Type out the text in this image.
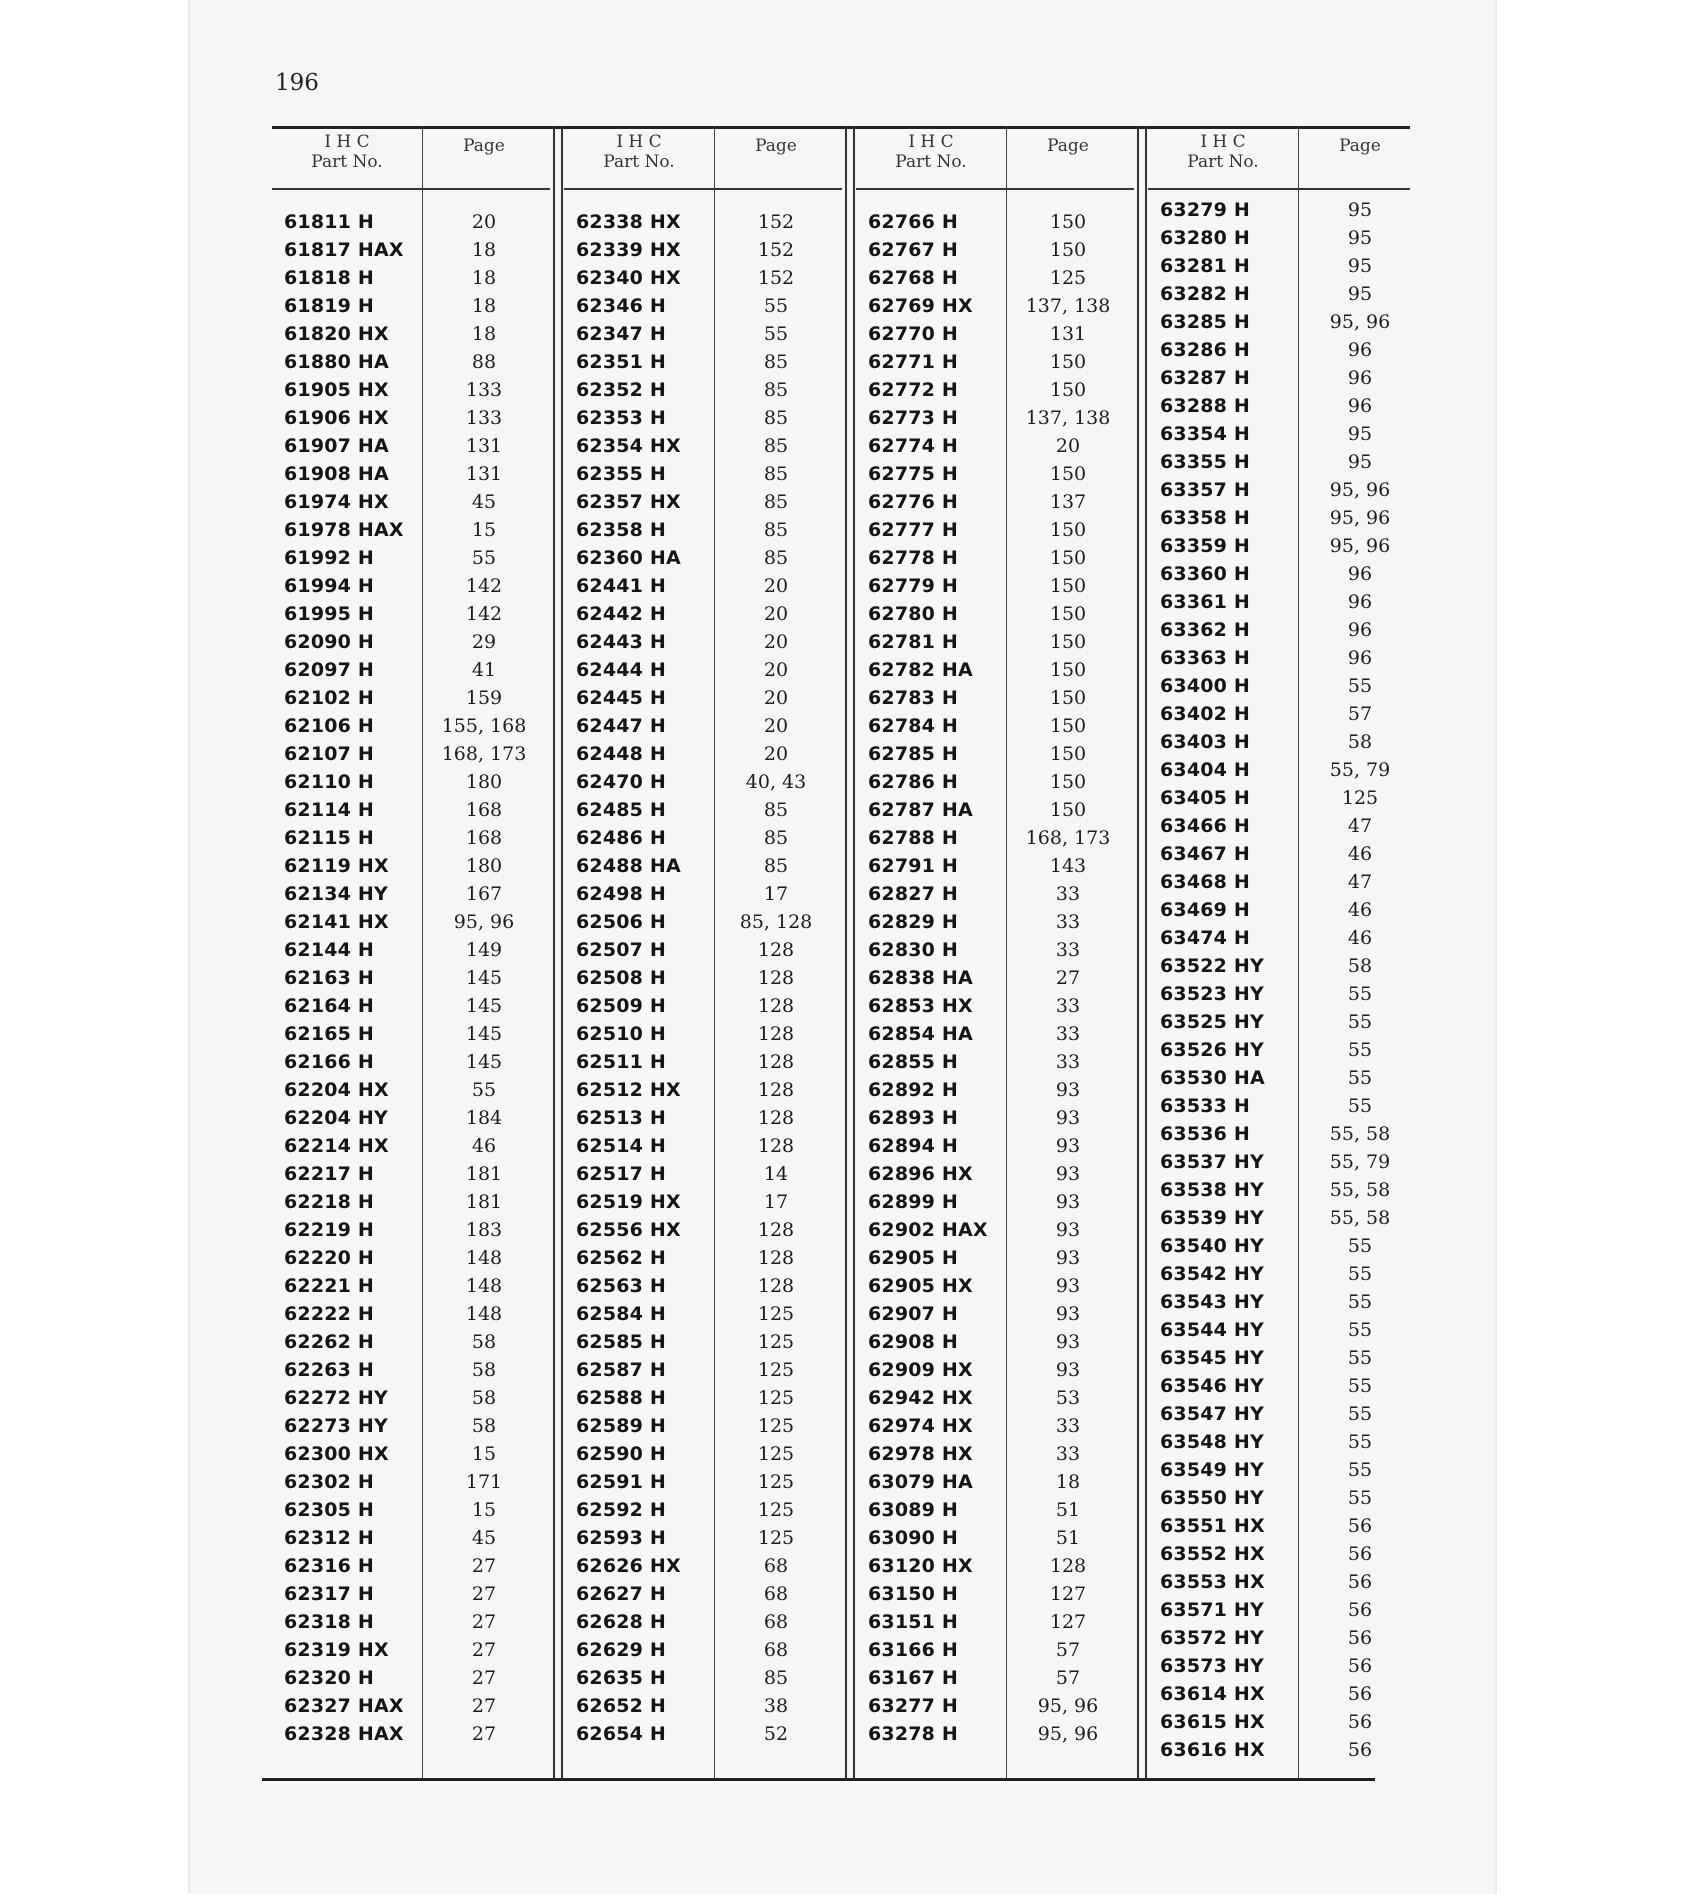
196
I H C
Part No.
Page
61811 H	20
61817 HAX	18
61818 H	18
61819 H	18
61820 HX	18
61880 HA	88
61905 HX	133
61906 HX	133
61907 HA	131
61908 HA	131
61974 HX	45
61978 HAX	15
61992 H	55
61994 H	142
61995 H	142
62090 H	29
62097 H	41
62102 H	159
62106 H	155, 168
62107 H	168, 173
62110 H	180
62114 H	168
62115 H	168
62119 HX	180
62134 HY	167
62141 HX	95, 96
62144 H	149
62163 H	145
62164 H	145
62165 H	145
62166 H	145
62204 HX	55
62204 HY	184
62214 HX	46
62217 H	181
62218 H	181
62219 H	183
62220 H	148
62221 H	148
62222 H	148
62262 H	58
62263 H	58
62272 HY	58
62273 HY	58
62300 HX	15
62302 H	171
62305 H	15
62312 H	45
62316 H	27
62317 H	27
62318 H	27
62319 HX	27
62320 H	27
62327 HAX	27
62328 HAX	27
I H C
Part No.
Page
62338 HX	152
62339 HX	152
62340 HX	152
62346 H	55
62347 H	55
62351 H	85
62352 H	85
62353 H	85
62354 HX	85
62355 H	85
62357 HX	85
62358 H	85
62360 HA	85
62441 H	20
62442 H	20
62443 H	20
62444 H	20
62445 H	20
62447 H	20
62448 H	20
62470 H	40, 43
62485 H	85
62486 H	85
62488 HA	85
62498 H	17
62506 H	85, 128
62507 H	128
62508 H	128
62509 H	128
62510 H	128
62511 H	128
62512 HX	128
62513 H	128
62514 H	128
62517 H	14
62519 HX	17
62556 HX	128
62562 H	128
62563 H	128
62584 H	125
62585 H	125
62587 H	125
62588 H	125
62589 H	125
62590 H	125
62591 H	125
62592 H	125
62593 H	125
62626 HX	68
62627 H	68
62628 H	68
62629 H	68
62635 H	85
62652 H	38
62654 H	52
I H C
Part No.
Page
62766 H	150
62767 H	150
62768 H	125
62769 HX	137, 138
62770 H	131
62771 H	150
62772 H	150
62773 H	137, 138
62774 H	20
62775 H	150
62776 H	137
62777 H	150
62778 H	150
62779 H	150
62780 H	150
62781 H	150
62782 HA	150
62783 H	150
62784 H	150
62785 H	150
62786 H	150
62787 HA	150
62788 H	168, 173
62791 H	143
62827 H	33
62829 H	33
62830 H	33
62838 HA	27
62853 HX	33
62854 HA	33
62855 H	33
62892 H	93
62893 H	93
62894 H	93
62896 HX	93
62899 H	93
62902 HAX	93
62905 H	93
62905 HX	93
62907 H	93
62908 H	93
62909 HX	93
62942 HX	53
62974 HX	33
62978 HX	33
63079 HA	18
63089 H	51
63090 H	51
63120 HX	128
63150 H	127
63151 H	127
63166 H	57
63167 H	57
63277 H	95, 96
63278 H	95, 96
I H C
Part No.
Page
63279 H	95
63280 H	95
63281 H	95
63282 H	95
63285 H	95, 96
63286 H	96
63287 H	96
63288 H	96
63354 H	95
63355 H	95
63357 H	95, 96
63358 H	95, 96
63359 H	95, 96
63360 H	96
63361 H	96
63362 H	96
63363 H	96
63400 H	55
63402 H	57
63403 H	58
63404 H	55, 79
63405 H	125
63466 H	47
63467 H	46
63468 H	47
63469 H	46
63474 H	46
63522 HY	58
63523 HY	55
63525 HY	55
63526 HY	55
63530 HA	55
63533 H	55
63536 H	55, 58
63537 HY	55, 79
63538 HY	55, 58
63539 HY	55, 58
63540 HY	55
63542 HY	55
63543 HY	55
63544 HY	55
63545 HY	55
63546 HY	55
63547 HY	55
63548 HY	55
63549 HY	55
63550 HY	55
63551 HX	56
63552 HX	56
63553 HX	56
63571 HY	56
63572 HY	56
63573 HY	56
63614 HX	56
63615 HX	56
63616 HX	56
